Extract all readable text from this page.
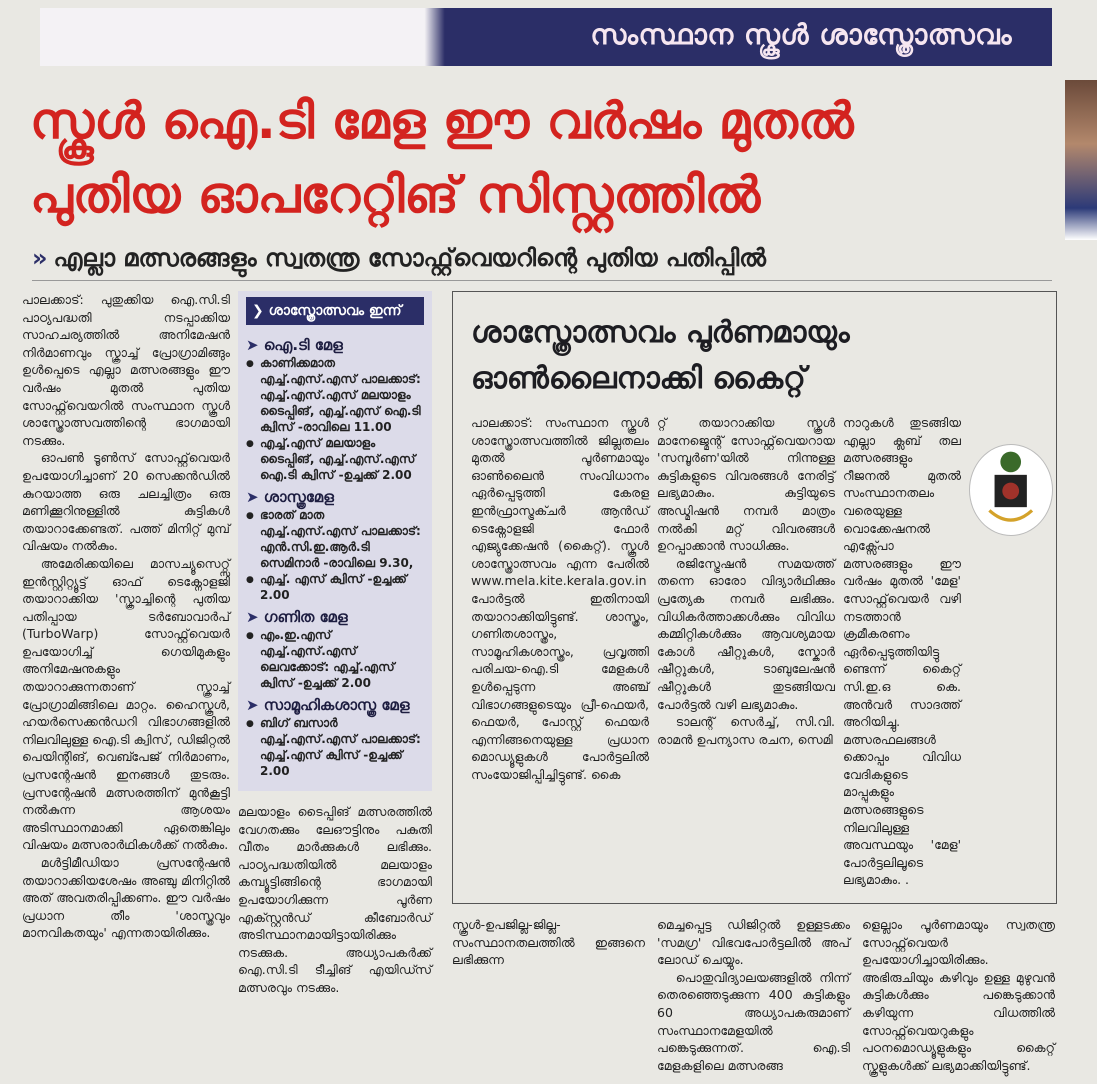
സംസ്ഥാന സ്കൂൾ ശാസ്ത്രോത്സവം
സ്കൂൾ ഐ.ടി മേള ഈ വർഷം മുതൽ
പുതിയ ഓപറേറ്റിങ് സിസ്റ്റത്തിൽ
» എല്ലാ മത്സരങ്ങളും സ്വതന്ത്ര സോഫ്റ്റ്‌വെയറിന്റെ പുതിയ പതിപ്പിൽ

പാലക്കാട്: പുതുക്കിയ ഐ.സി.ടി പാഠ്യപദ്ധതി നടപ്പാക്കിയ സാഹചര്യത്തിൽ അനിമേഷൻ നിർമാണവും സ്ക്രാച്ച് പ്രോഗ്രാമിങ്ങും ഉൾപ്പെടെ എല്ലാ മത്സരങ്ങളും ഈ വർഷം മുതൽ പുതിയ സോഫ്റ്റ്‌വെയറിൽ സംസ്ഥാന സ്കൂൾ ശാസ്ത്രോത്സവത്തിന്റെ ഭാഗമായി നടക്കും.

ഓപൺ ടൂൺസ് സോഫ്റ്റ്‌വെയർ ഉപയോഗിച്ചാണ് 20 സെക്കൻഡിൽ കുറയാത്ത ഒരു ചലച്ചിത്രം ഒരു മണിക്കൂറിനുള്ളിൽ കുട്ടികൾ തയാറാക്കേണ്ടത്. പത്ത് മിനിറ്റ് മുമ്പ് വിഷയം നൽകും.

അമേരിക്കയിലെ മാസച്യൂസെറ്റ്സ് ഇൻസ്റ്റിറ്റ്യൂട്ട് ഓഫ് ടെക്നോളജി തയാറാക്കിയ 'സ്ക്രാച്ചിന്റെ പുതിയ പതിപ്പായ ടർബോവാർപ് (TurboWarp) സോഫ്റ്റ്‌വെയർ ഉപയോഗിച്ച് ഗെയിമുകളും അനിമേഷനുകളും തയാറാക്കുന്നതാണ് സ്ക്രാച്ച് പ്രോഗ്രാമിങ്ങിലെ മാറ്റം. ഹൈസ്കൂൾ, ഹയർസെക്കൻഡറി വിഭാഗങ്ങളിൽ നിലവിലുള്ള ഐ.ടി ക്വിസ്, ഡിജിറ്റൽ പെയിന്റിങ്, വെബ്പേജ് നിർമാണം, പ്രസന്റേഷൻ ഇനങ്ങൾ തുടരും. പ്രസന്റേഷൻ മത്സരത്തിന് മുൻകൂട്ടി നൽകുന്ന ആശയം അടിസ്ഥാനമാക്കി ഏതെങ്കിലും വിഷയം മത്സരാർഥികൾക്ക് നൽകും.

മൾട്ടിമീഡിയാ പ്രസന്റേഷൻ തയാറാക്കിയശേഷം അഞ്ചു മിനിറ്റിൽ അത് അവതരിപ്പിക്കണം. ഈ വർഷം പ്രധാന തീം 'ശാസ്ത്രവും മാനവികതയും' എന്നതായിരിക്കും.

❯ ശാസ്ത്രോത്സവം ഇന്ന്
➤ ഐ.ടി മേള
● കാണിക്കമാത എച്ച്.എസ്.എസ് പാലക്കാട്: എച്ച്.എസ്.എസ് മലയാളം ടൈപ്പിങ്, എച്ച്.എസ് ഐ.ടി ക്വിസ് -രാവിലെ 11.00
● എച്ച്.എസ് മലയാളം ടൈപ്പിങ്, എച്ച്.എസ്.എസ് ഐ.ടി ക്വിസ് -ഉച്ചക്ക് 2.00
➤ ശാസ്ത്രമേള
● ഭാരത് മാത എച്ച്.എസ്.എസ് പാലക്കാട്: എൻ.സി.ഇ.ആർ.ടി സെമിനാർ -രാവിലെ 9.30,
● എച്ച്. എസ് ക്വിസ് -ഉച്ചക്ക് 2.00
➤ ഗണിത മേള
● എം.ഇ.എസ് എച്ച്.എസ്.എസ് ലെവക്കോട്: എച്ച്.എസ് ക്വിസ് -ഉച്ചക്ക് 2.00
➤ സാമൂഹികശാസ്ത്ര മേള
● ബിഗ് ബസാർ എച്ച്.എസ്.എസ് പാലക്കാട്: എച്ച്.എസ് ക്വിസ് -ഉച്ചക്ക് 2.00

മലയാളം ടൈപ്പിങ് മത്സരത്തിൽ വേഗതക്കും ലേഔട്ടിനും പകുതി വീതം മാർക്കുകൾ ലഭിക്കും. പാഠ്യപദ്ധതിയിൽ മലയാളം കമ്പ്യൂട്ടിങ്ങിന്റെ ഭാഗമായി ഉപയോഗിക്കുന്ന പൂർണ എക്സ്റ്റൻഡ് കീബോർഡ് അടിസ്ഥാനമായിട്ടായിരിക്കും നടക്കുക. അധ്യാപകർക്ക് ഐ.സി.ടി ടീച്ചിങ് എയിഡ്സ് മത്സരവും നടക്കും.

ശാസ്ത്രോത്സവം പൂർണമായും
ഓൺലൈനാക്കി കൈറ്റ്

പാലക്കാട്: സംസ്ഥാന സ്കൂൾ ശാസ്ത്രോത്സവത്തിൽ ജില്ലതലം മുതൽ പൂർണമായും ഓൺലൈൻ സംവിധാനം ഏർപ്പെടുത്തി കേരള ഇൻഫ്രാസ്ട്രക്ചർ ആൻഡ് ടെക്നോളജി ഫോർ എജ്യുക്കേഷൻ (കൈറ്റ്). സ്കൂൾ ശാസ്ത്രോത്സവം എന്ന പേരിൽ www.mela.kite.kerala.gov.in പോർട്ടൽ ഇതിനായി തയാറാക്കിയിട്ടുണ്ട്. ശാസ്ത്രം, ഗണിതശാസ്ത്രം, സാമൂഹികശാസ്ത്രം, പ്രവൃത്തി പരിചയ-ഐ.ടി മേളകൾ ഉൾപ്പെടുന്ന അഞ്ച് വിഭാഗങ്ങളുടെയും പ്രീ-ഫെയർ, ഫെയർ, പോസ്റ്റ് ഫെയർ എന്നിങ്ങനെയുള്ള പ്രധാന മൊഡ്യൂളുകൾ പോർട്ടലിൽ സംയോജിപ്പിച്ചിട്ടുണ്ട്. കൈ

റ്റ് തയാറാക്കിയ സ്കൂൾ മാനേജ്മെന്റ് സോഫ്റ്റ്‌വെയറായ 'സമ്പൂർണ'യിൽ നിന്നുള്ള കുട്ടികളുടെ വിവരങ്ങൾ നേരിട്ട് ലഭ്യമാകും. കുട്ടിയുടെ അഡ്മിഷൻ നമ്പർ മാത്രം നൽകി മറ്റ് വിവരങ്ങൾ ഉറപ്പാക്കാൻ സാധിക്കും.

രജിസ്ട്രേഷൻ സമയത്ത് തന്നെ ഓരോ വിദ്യാർഥിക്കും പ്രത്യേക നമ്പർ ലഭിക്കും. വിധികർത്താക്കൾക്കും വിവിധ കമ്മിറ്റികൾക്കും ആവശ്യമായ കോൾ ഷീറ്റുകൾ, സ്കോർ ഷീറ്റുകൾ, ടാബുലേഷൻ ഷീറ്റുകൾ തുടങ്ങിയവ പോർട്ടൽ വഴി ലഭ്യമാകും.

ടാലന്റ് സെർച്ച്, സി.വി. രാമൻ ഉപന്യാസ രചന, സെമി

നാറുകൾ തുടങ്ങിയ എല്ലാ ക്ലബ് തല മത്സരങ്ങളും റീജനൽ മുതൽ സംസ്ഥാനതലം വരെയുള്ള വൊക്കേഷനൽ എക്സ്പോ മത്സരങ്ങളും ഈ വർഷം മുതൽ 'മേള' സോഫ്റ്റ്‌വെയർ വഴി നടത്താൻ ക്രമീകരണം ഏർപ്പെടുത്തിയിട്ടുണ്ടെന്ന് കൈറ്റ് സി.ഇ.ഒ കെ. അൻവർ സാദത്ത് അറിയിച്ചു. മത്സരഫലങ്ങൾക്കൊപ്പം വിവിധ വേദികളുടെ മാപ്പുകളും മത്സരങ്ങളുടെ നിലവിലുള്ള അവസ്ഥയും 'മേള' പോർട്ടലിലൂടെ ലഭ്യമാകും. .

സ്കൂൾ-ഉപജില്ല-ജില്ല-സംസ്ഥാനതലത്തിൽ ഇങ്ങനെ ലഭിക്കുന്ന

മെച്ചപ്പെട്ട ഡിജിറ്റൽ ഉള്ളടക്കം 'സമഗ്ര' വിഭവപോർട്ടലിൽ അപ് ലോഡ് ചെയ്യും.

പൊതുവിദ്യാലയങ്ങളിൽ നിന്ന് തെരഞ്ഞെടുക്കുന്ന 400 കുട്ടികളും 60 അധ്യാപകരുമാണ് സംസ്ഥാനമേളയിൽ പങ്കെടുക്കുന്നത്. ഐ.ടി മേളകളിലെ മത്സരങ്ങ

ളെല്ലാം പൂർണമായും സ്വതന്ത്ര സോഫ്റ്റ്‌വെയർ ഉപയോഗിച്ചായിരിക്കും. അഭിരുചിയും കഴിവും ഉള്ള മുഴുവൻ കുട്ടികൾക്കും പങ്കെടുക്കാൻ കഴിയുന്ന വിധത്തിൽ സോഫ്റ്റ്‌വെയറുകളും പഠനമൊഡ്യൂളുകളും കൈറ്റ് സ്കൂളുകൾക്ക് ലഭ്യമാക്കിയിട്ടുണ്ട്.
